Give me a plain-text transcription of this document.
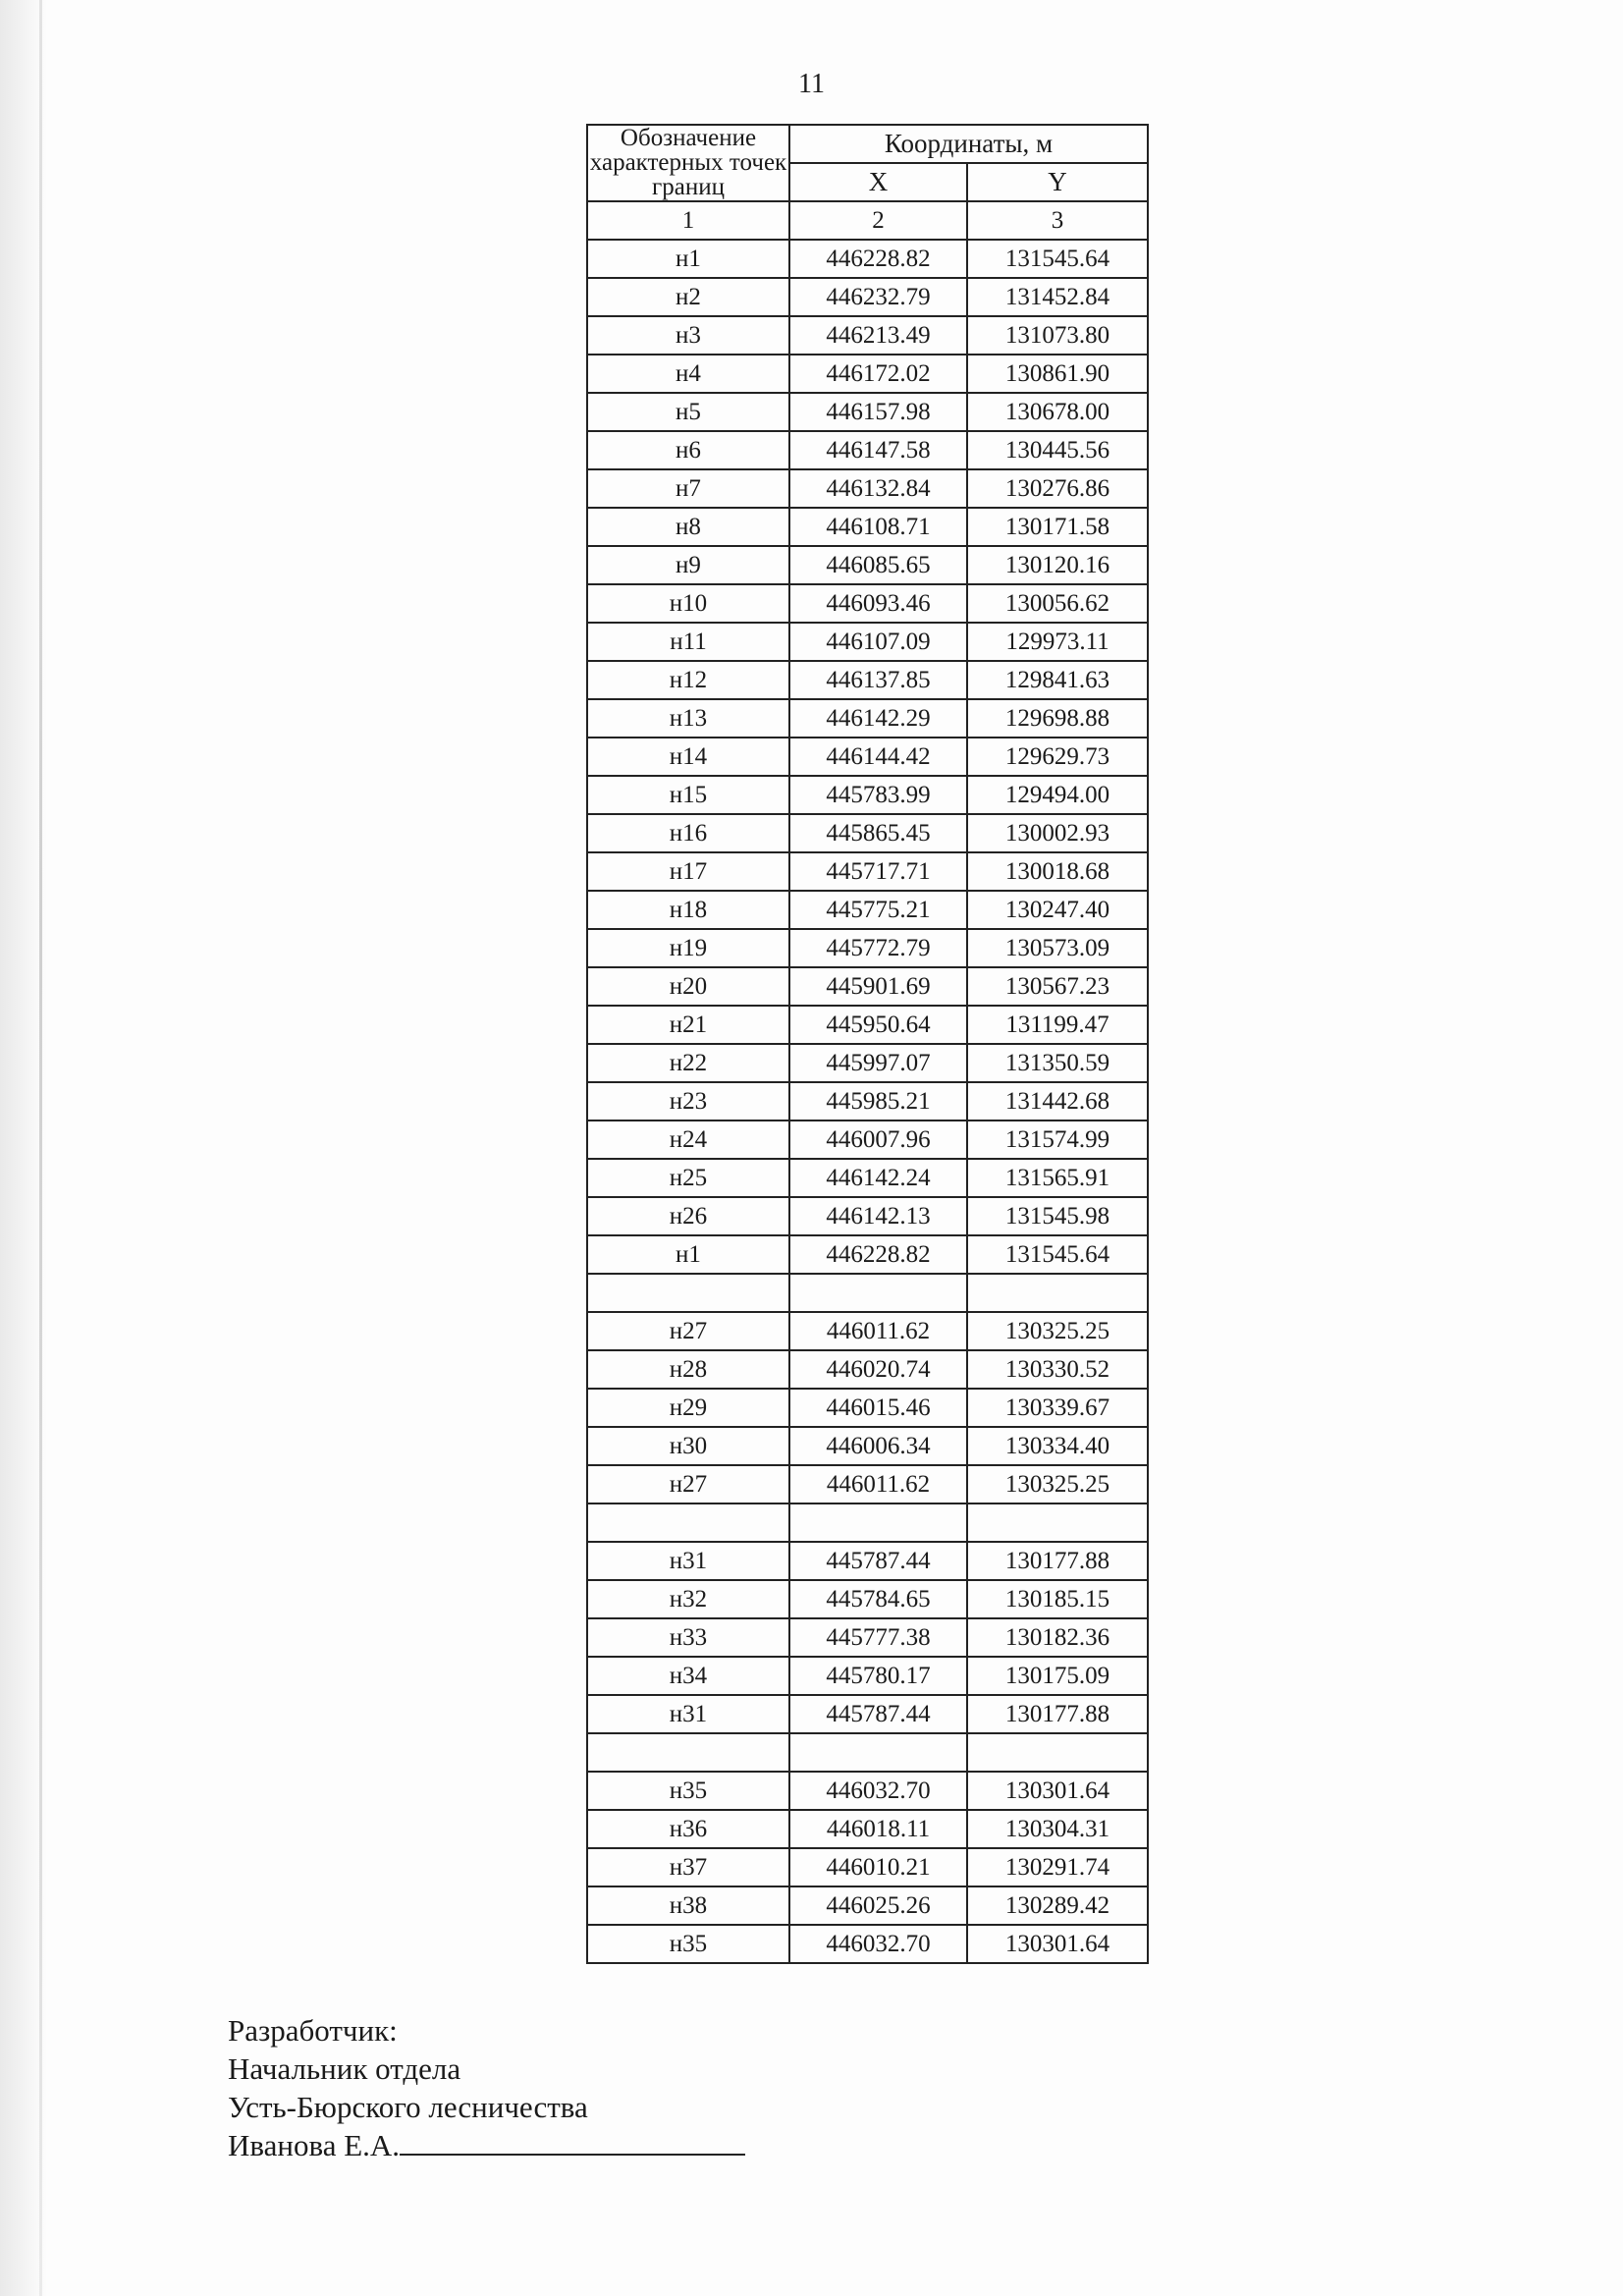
11
Обозначение характерных точек границ	Координаты, м	
	X	Y
1	2	3
н1	446228.82	131545.64
н2	446232.79	131452.84
н3	446213.49	131073.80
н4	446172.02	130861.90
н5	446157.98	130678.00
н6	446147.58	130445.56
н7	446132.84	130276.86
н8	446108.71	130171.58
н9	446085.65	130120.16
н10	446093.46	130056.62
н11	446107.09	129973.11
н12	446137.85	129841.63
н13	446142.29	129698.88
н14	446144.42	129629.73
н15	445783.99	129494.00
н16	445865.45	130002.93
н17	445717.71	130018.68
н18	445775.21	130247.40
н19	445772.79	130573.09
н20	445901.69	130567.23
н21	445950.64	131199.47
н22	445997.07	131350.59
н23	445985.21	131442.68
н24	446007.96	131574.99
н25	446142.24	131565.91
н26	446142.13	131545.98
н1	446228.82	131545.64

н27	446011.62	130325.25
н28	446020.74	130330.52
н29	446015.46	130339.67
н30	446006.34	130334.40
н27	446011.62	130325.25

н31	445787.44	130177.88
н32	445784.65	130185.15
н33	445777.38	130182.36
н34	445780.17	130175.09
н31	445787.44	130177.88

н35	446032.70	130301.64
н36	446018.11	130304.31
н37	446010.21	130291.74
н38	446025.26	130289.42
н35	446032.70	130301.64
Разработчик:
Начальник отдела
Усть-Бюрского лесничества
Иванова Е.А.
